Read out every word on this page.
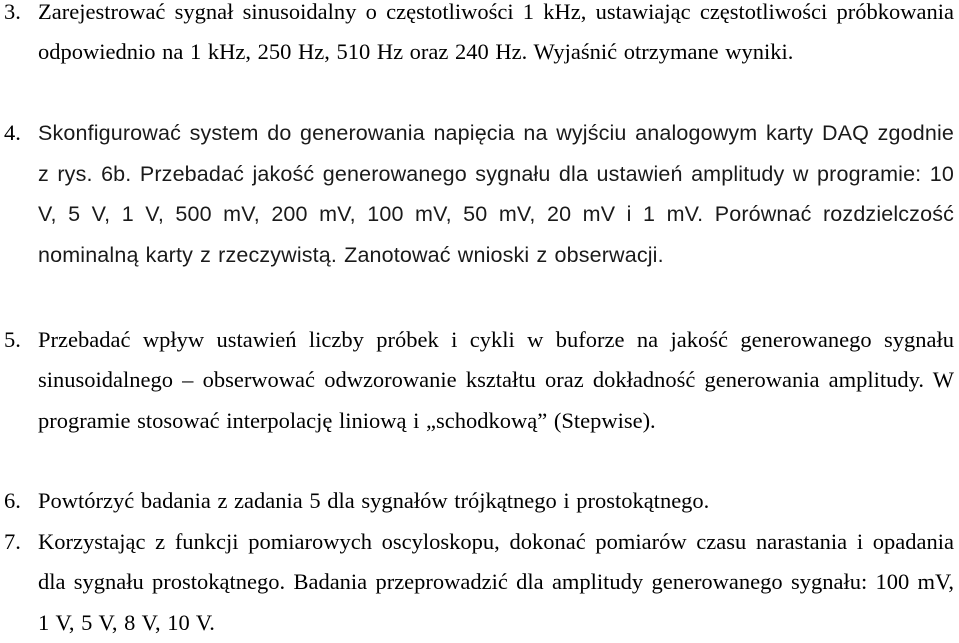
3. Zarejestrować sygnał sinusoidalny o częstotliwości 1 kHz, ustawiając częstotliwości próbkowania odpowiednio na 1 kHz, 250 Hz, 510 Hz oraz 240 Hz. Wyjaśnić otrzymane wyniki.
4. Skonfigurować system do generowania napięcia na wyjściu analogowym karty DAQ zgodnie z rys. 6b. Przebadać jakość generowanego sygnału dla ustawień amplitudy w programie: 10 V, 5 V, 1 V, 500 mV, 200 mV, 100 mV, 50 mV, 20 mV i 1 mV. Porównać rozdzielczość nominalną karty z rzeczywistą. Zanotować wnioski z obserwacji.
5. Przebadać wpływ ustawień liczby próbek i cykli w buforze na jakość generowanego sygnału sinusoidalnego – obserwować odwzorowanie kształtu oraz dokładność generowania amplitudy. W programie stosować interpolację liniową i „schodkową” (Stepwise).
6. Powtórzyć badania z zadania 5 dla sygnałów trójkątnego i prostokątnego.
7. Korzystając z funkcji pomiarowych oscyloskopu, dokonać pomiarów czasu narastania i opadania dla sygnału prostokątnego. Badania przeprowadzić dla amplitudy generowanego sygnału: 100 mV, 1 V, 5 V, 8 V, 10 V.
